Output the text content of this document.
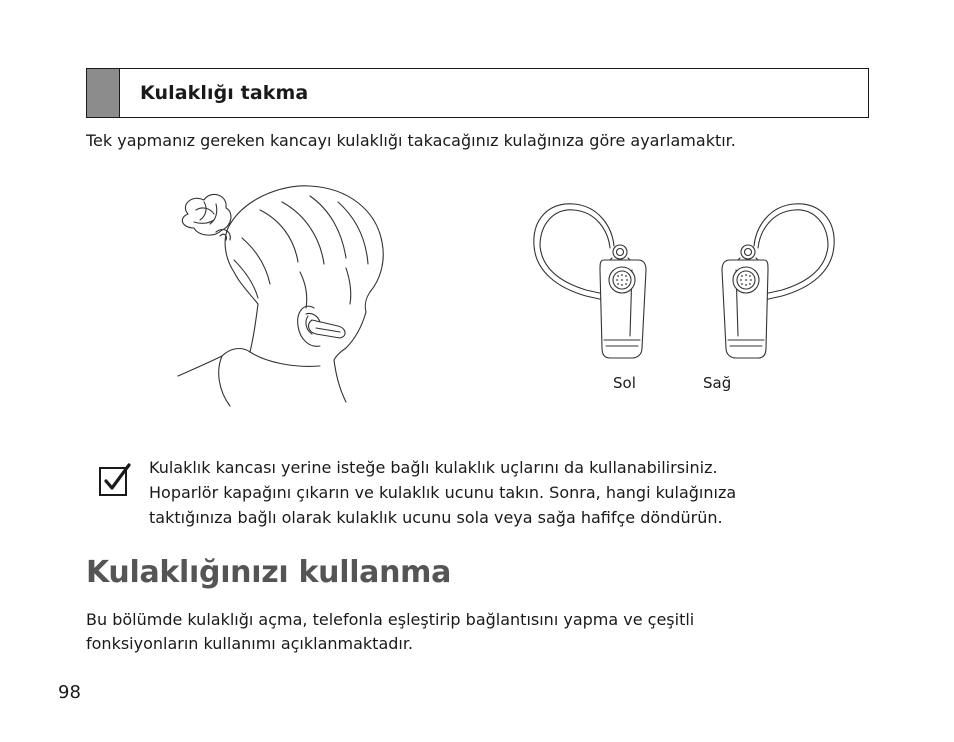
Kulaklığı takma
Tek yapmanız gereken kancayı kulaklığı takacağınız kulağınıza göre ayarlamaktır.
Sol	Sağ
Kulaklık kancası yerine isteğe bağlı kulaklık uçlarını da kullanabilirsiniz.
Hoparlör kapağını çıkarın ve kulaklık ucunu takın. Sonra, hangi kulağınıza
taktığınıza bağlı olarak kulaklık ucunu sola veya sağa hafifçe döndürün.
Kulaklığınızı kullanma
Bu bölümde kulaklığı açma, telefonla eşleştirip bağlantısını yapma ve çeşitli
fonksiyonların kullanımı açıklanmaktadır.
98
